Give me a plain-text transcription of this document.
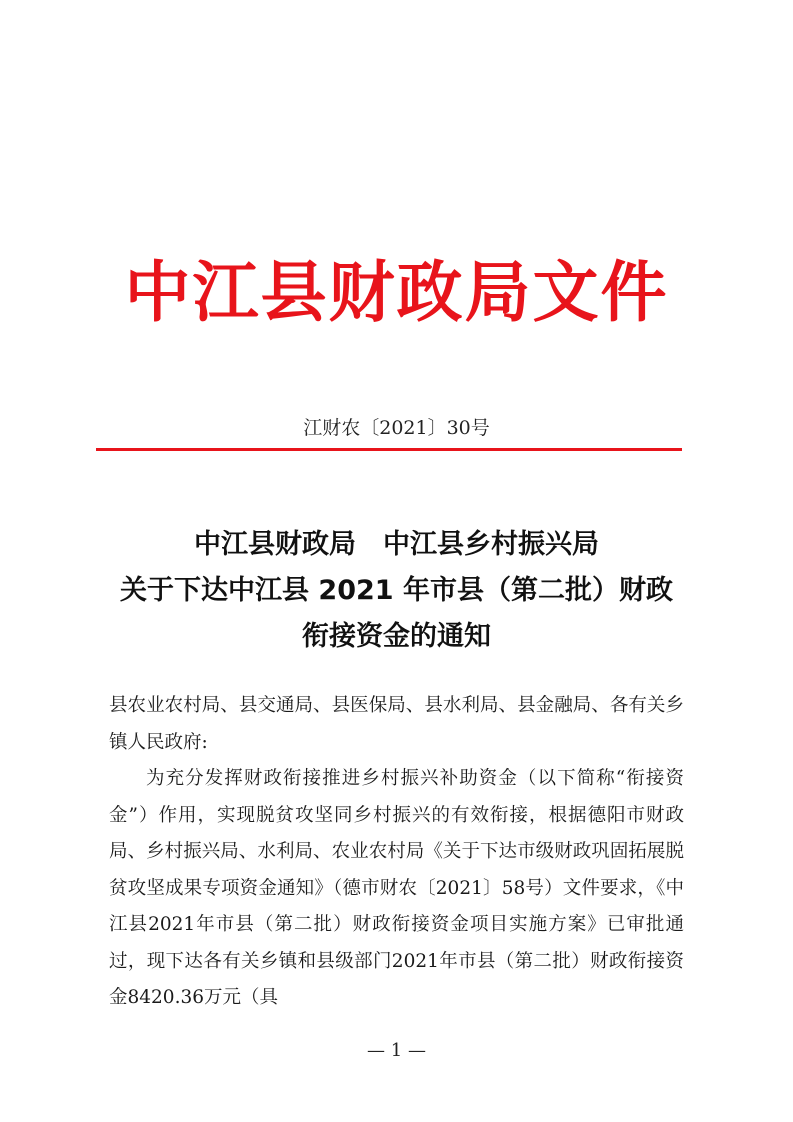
中江县财政局文件
江财农〔2021〕30号
中江县财政局　中江县乡村振兴局
关于下达中江县 2021 年市县（第二批）财政
衔接资金的通知

县农业农村局、县交通局、县医保局、县水利局、县金融局、各有关乡镇人民政府:

为充分发挥财政衔接推进乡村振兴补助资金（以下简称“衔接资金”）作用，实现脱贫攻坚同乡村振兴的有效衔接，根据德阳市财政局、乡村振兴局、水利局、农业农村局《关于下达市级财政巩固拓展脱贫攻坚成果专项资金通知》（德市财农〔2021〕58号）文件要求，《中江县2021年市县（第二批）财政衔接资金项目实施方案》已审批通过，现下达各有关乡镇和县级部门2021年市县（第二批）财政衔接资金8420.36万元（具

— 1 —
